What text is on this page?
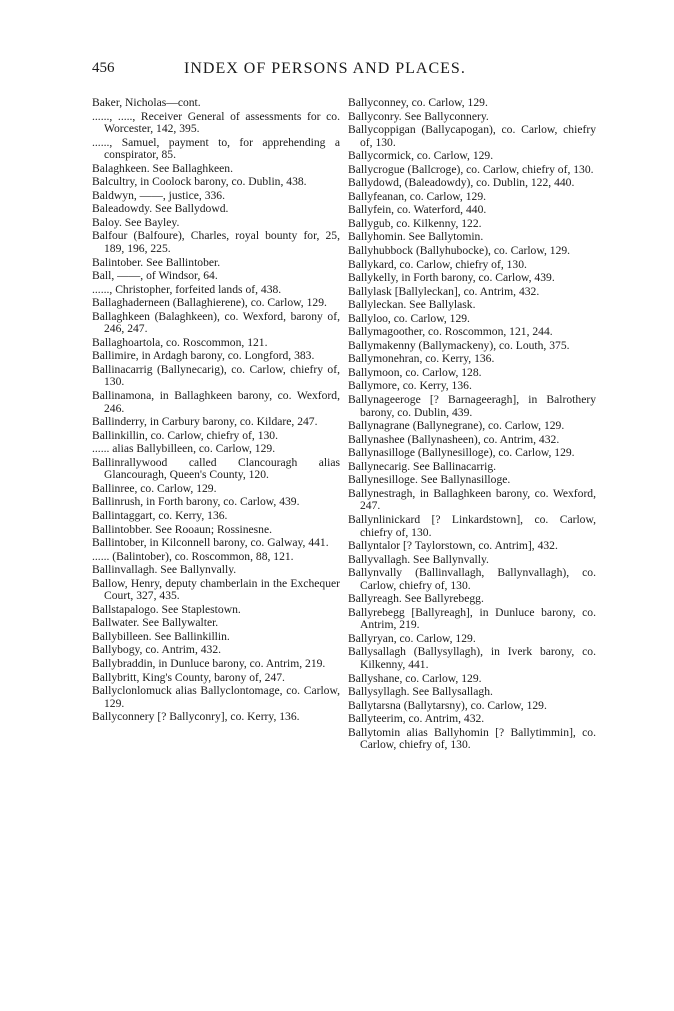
456	INDEX OF PERSONS AND PLACES.

Baker, Nicholas—cont.

......, ....., Receiver General of assessments for co. Worcester, 142, 395.

......, Samuel, payment to, for apprehending a conspirator, 85.

Balaghkeen. See Ballaghkeen.

Balcultry, in Coolock barony, co. Dublin, 438.

Baldwyn, ——, justice, 336.

Baleadowdy. See Ballydowd.

Baloy. See Bayley.

Balfour (Balfoure), Charles, royal bounty for, 25, 189, 196, 225.

Balintober. See Ballintober.

Ball, ——, of Windsor, 64.

......, Christopher, forfeited lands of, 438.

Ballaghaderneen (Ballaghierene), co. Carlow, 129.

Ballaghkeen (Balaghkeen), co. Wexford, barony of, 246, 247.

Ballaghoartola, co. Roscommon, 121.

Ballimire, in Ardagh barony, co. Longford, 383.

Ballinacarrig (Ballynecarig), co. Carlow, chiefry of, 130.

Ballinamona, in Ballaghkeen barony, co. Wexford, 246.

Ballinderry, in Carbury barony, co. Kildare, 247.

Ballinkillin, co. Carlow, chiefry of, 130.

...... alias Ballybilleen, co. Carlow, 129.

Ballinrallywood called Clancouragh alias Glancouragh, Queen's County, 120.

Ballinree, co. Carlow, 129.

Ballinrush, in Forth barony, co. Carlow, 439.

Ballintaggart, co. Kerry, 136.

Ballintobber. See Rooaun; Rossinesne.

Ballintober, in Kilconnell barony, co. Galway, 441.

...... (Balintober), co. Roscommon, 88, 121.

Ballinvallagh. See Ballynvally.

Ballow, Henry, deputy chamberlain in the Exchequer Court, 327, 435.

Ballstapalogo. See Staplestown.

Ballwater. See Ballywalter.

Ballybilleen. See Ballinkillin.

Ballybogy, co. Antrim, 432.

Ballybraddin, in Dunluce barony, co. Antrim, 219.

Ballybritt, King's County, barony of, 247.

Ballyclonlomuck alias Ballyclontomage, co. Carlow, 129.

Ballyconnery [? Ballyconry], co. Kerry, 136.

Ballyconney, co. Carlow, 129.

Ballyconry. See Ballyconnery.

Ballycoppigan (Ballycapogan), co. Carlow, chiefry of, 130.

Ballycormick, co. Carlow, 129.

Ballycrogue (Ballcroge), co. Carlow, chiefry of, 130.

Ballydowd, (Baleadowdy), co. Dublin, 122, 440.

Ballyfeanan, co. Carlow, 129.

Ballyfein, co. Waterford, 440.

Ballygub, co. Kilkenny, 122.

Ballyhomin. See Ballytomin.

Ballyhubbock (Ballyhubocke), co. Carlow, 129.

Ballykard, co. Carlow, chiefry of, 130.

Ballykelly, in Forth barony, co. Carlow, 439.

Ballylask [Ballyleckan], co. Antrim, 432.

Ballyleckan. See Ballylask.

Ballyloo, co. Carlow, 129.

Ballymagoother, co. Roscommon, 121, 244.

Ballymakenny (Ballymackeny), co. Louth, 375.

Ballymonehran, co. Kerry, 136.

Ballymoon, co. Carlow, 128.

Ballymore, co. Kerry, 136.

Ballynageeroge [? Barnageeragh], in Balrothery barony, co. Dublin, 439.

Ballynagrane (Ballynegrane), co. Carlow, 129.

Ballynashee (Ballynasheen), co. Antrim, 432.

Ballynasilloge (Ballynesilloge), co. Carlow, 129.

Ballynecarig. See Ballinacarrig.

Ballynesilloge. See Ballynasilloge.

Ballynestragh, in Ballaghkeen barony, co. Wexford, 247.

Ballynlinickard [? Linkardstown], co. Carlow, chiefry of, 130.

Ballyntalor [? Taylorstown, co. Antrim], 432.

Ballyvallagh. See Ballynvally.

Ballynvally (Ballinvallagh, Ballynvallagh), co. Carlow, chiefry of, 130.

Ballyreagh. See Ballyrebegg.

Ballyrebegg [Ballyreagh], in Dunluce barony, co. Antrim, 219.

Ballyryan, co. Carlow, 129.

Ballysallagh (Ballysyllagh), in Iverk barony, co. Kilkenny, 441.

Ballyshane, co. Carlow, 129.

Ballysyllagh. See Ballysallagh.

Ballytarsna (Ballytarsny), co. Carlow, 129.

Ballyteerim, co. Antrim, 432.

Ballytomin alias Ballyhomin [? Ballytimmin], co. Carlow, chiefry of, 130.
